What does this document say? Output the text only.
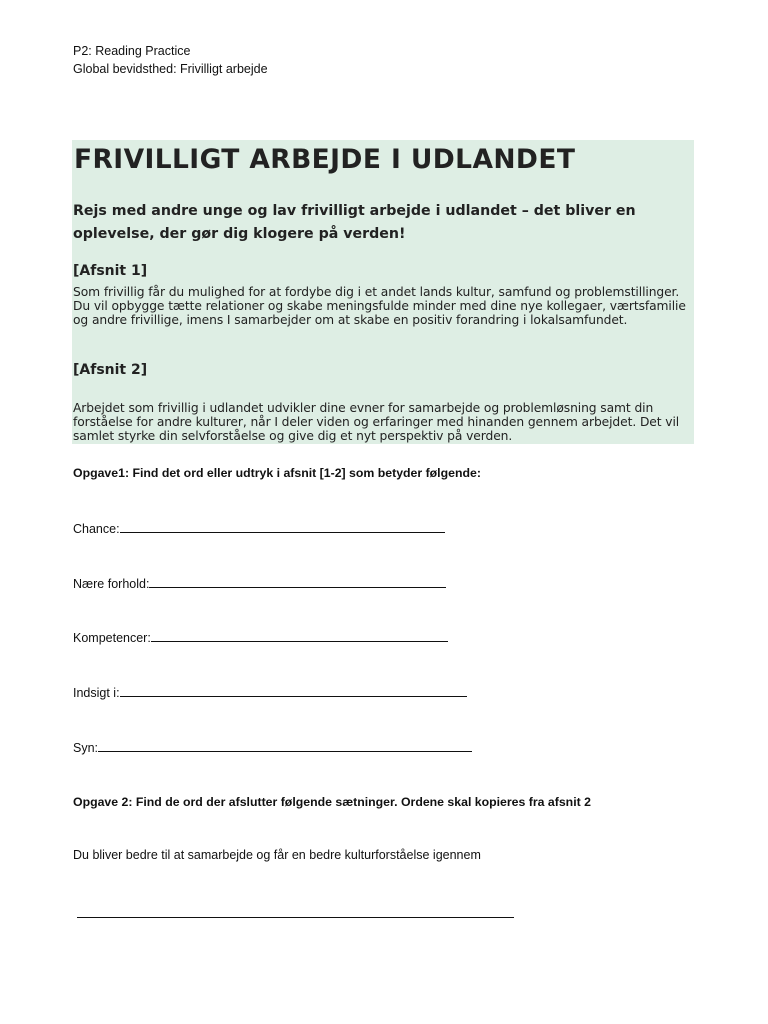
P2: Reading Practice
Global bevidsthed: Frivilligt arbejde
FRIVILLIGT ARBEJDE I UDLANDET

Rejs med andre unge og lav frivilligt arbejde i udlandet – det bliver en oplevelse, der gør dig klogere på verden!

[Afsnit 1]

Som frivillig får du mulighed for at fordybe dig i et andet lands kultur, samfund og problemstillinger. Du vil opbygge tætte relationer og skabe meningsfulde minder med dine nye kollegaer, værtsfamilie og andre frivillige, imens I samarbejder om at skabe en positiv forandring i lokalsamfundet.

[Afsnit 2]

Arbejdet som frivillig i udlandet udvikler dine evner for samarbejde og problemløsning samt din forståelse for andre kulturer, når I deler viden og erfaringer med hinanden gennem arbejdet. Det vil samlet styrke din selvforståelse og give dig et nyt perspektiv på verden.

Opgave1: Find det ord eller udtryk i afsnit [1-2] som betyder følgende:

Chance:
Nære forhold:
Kompetencer:
Indsigt i:
Syn:

Opgave 2: Find de ord der afslutter følgende sætninger. Ordene skal kopieres fra afsnit 2

Du bliver bedre til at samarbejde og får en bedre kulturforståelse igennem
